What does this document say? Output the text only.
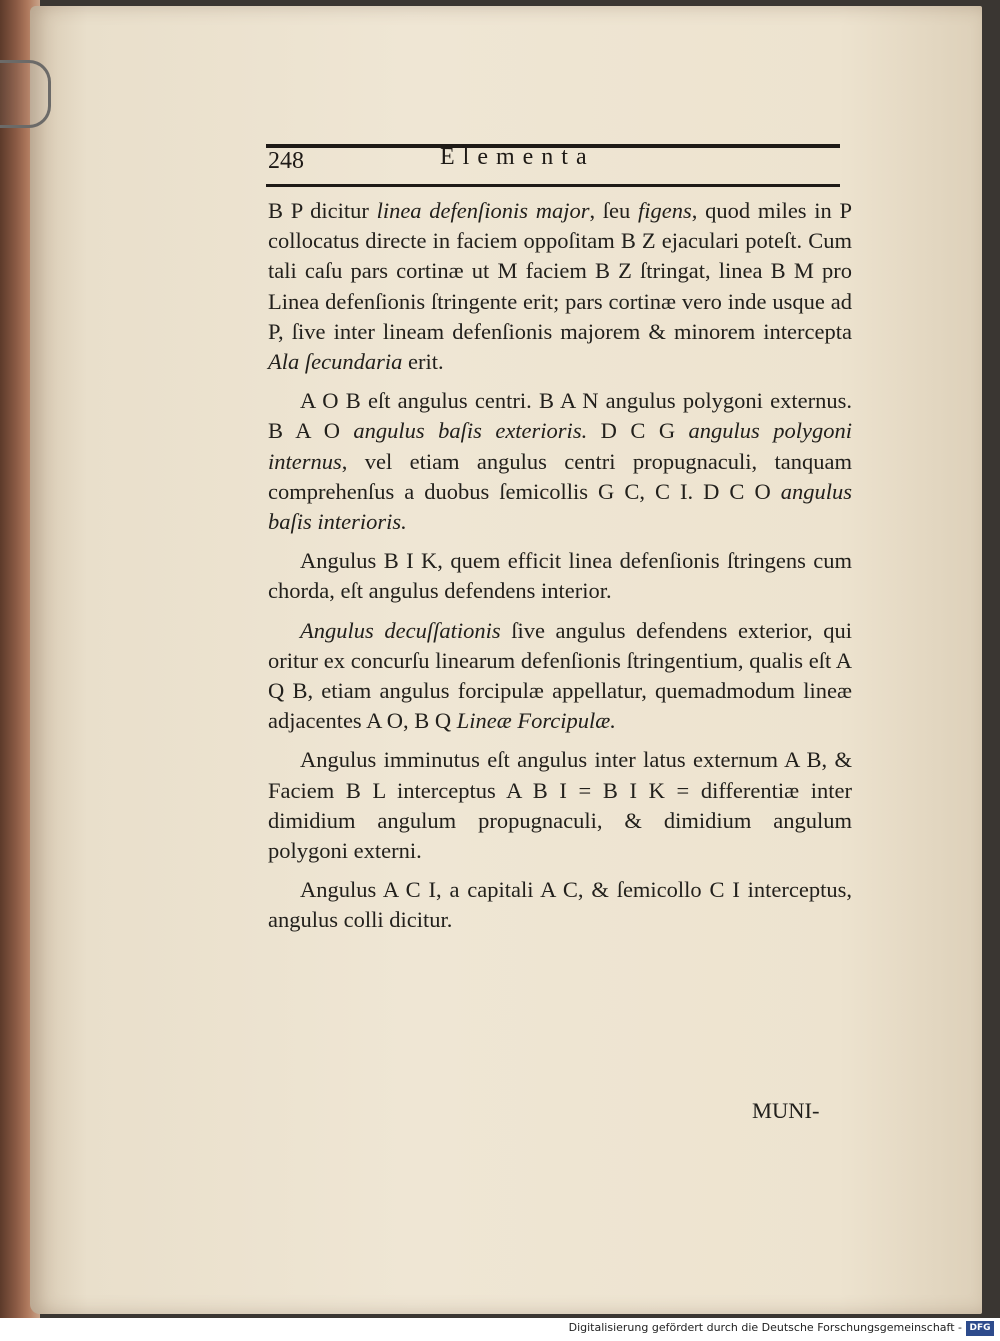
248	Elementa

B P dicitur linea defenſionis major, ſeu figens, quod miles in P collocatus directe in faciem oppoſitam B Z ejaculari poteſt. Cum tali caſu pars cortinæ ut M faciem B Z ſtringat, linea B M pro Linea defenſionis ſtringente erit; pars cortinæ vero inde usque ad P, ſive inter lineam defenſionis majorem & minorem intercepta Ala ſecundaria erit.

A O B eſt angulus centri. B A N angulus polygoni externus. B A O angulus baſis exterioris. D C G angulus polygoni internus, vel etiam angulus centri propugnaculi, tanquam comprehenſus a duobus ſemicollis G C, C I. D C O angulus baſis interioris.

Angulus B I K, quem efficit linea defenſionis ſtringens cum chorda, eſt angulus defendens interior.

Angulus decuſſationis ſive angulus defendens exterior, qui oritur ex concurſu linearum defenſionis ſtringentium, qualis eſt A Q B, etiam angulus forcipulæ appellatur, quemadmodum lineæ adjacentes A O, B Q Lineæ Forcipulæ.

Angulus imminutus eſt angulus inter latus externum A B, & Faciem B L interceptus A B I = B I K = differentiæ inter dimidium angulum propugnaculi, & dimidium angulum polygoni externi.

Angulus A C I, a capitali A C, & ſemicollo C I interceptus, angulus colli dicitur.

MUNI-
Digitalisierung gefördert durch die Deutsche Forschungsgemeinschaft - DFG
